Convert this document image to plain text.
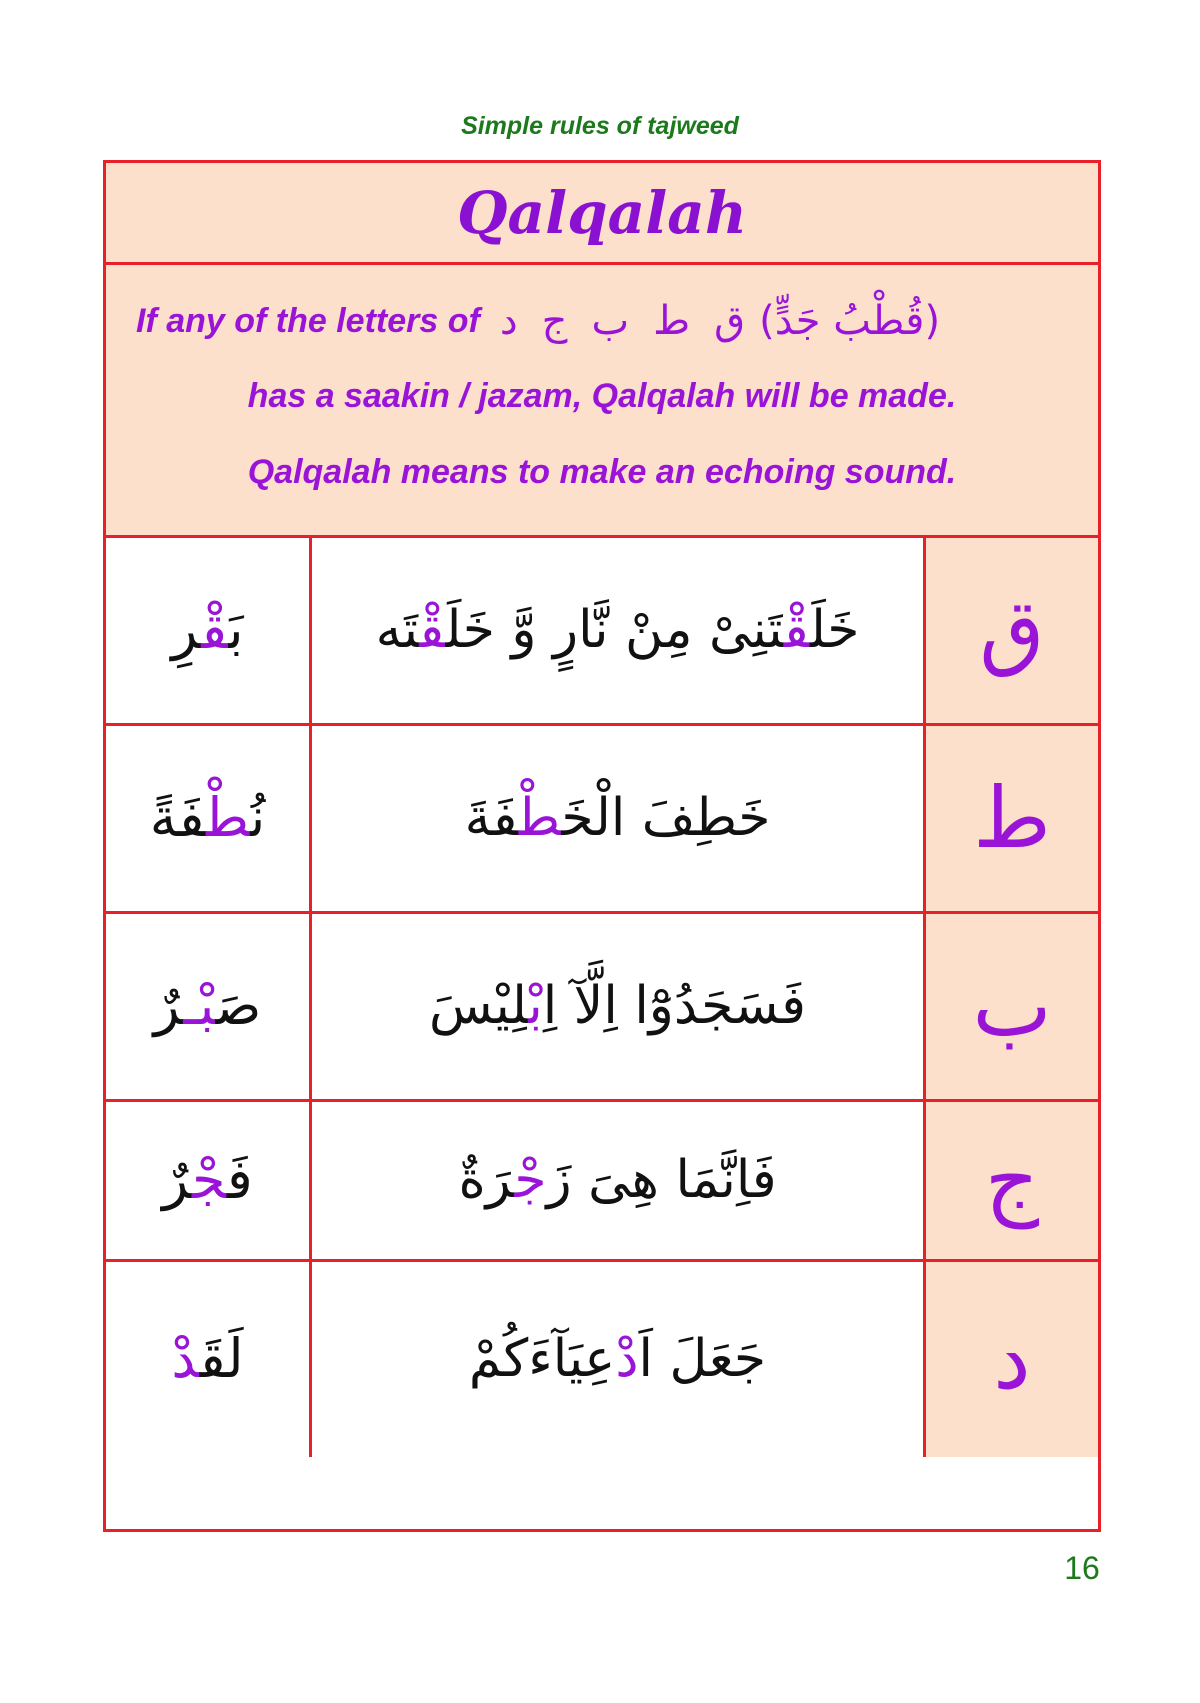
Simple rules of tajweed
Qalqalah
If any of the letters of	ق
ط
ب
ج
د	(قُطْبُ جَدٍّ)
has a saakin / jazam, Qalqalah will be made.
Qalqalah means to make an echoing sound.
بَقْرِ	خَلَقْتَنِىْ مِنْ نَّارٍ وَّ خَلَقْتَه	ق
نُطْفَةً	خَطِفَ الْخَطْفَةَ	ط
صَبْـرٌ	فَسَجَدُوْٓا اِلَّآ اِبْلِيْسَ	ب
فَجْرٌ	فَاِنَّمَا هِىَ زَجْرَةٌ	ج
لَقَدْ	جَعَلَ اَدْعِيَآءَكُمْ	د
16
